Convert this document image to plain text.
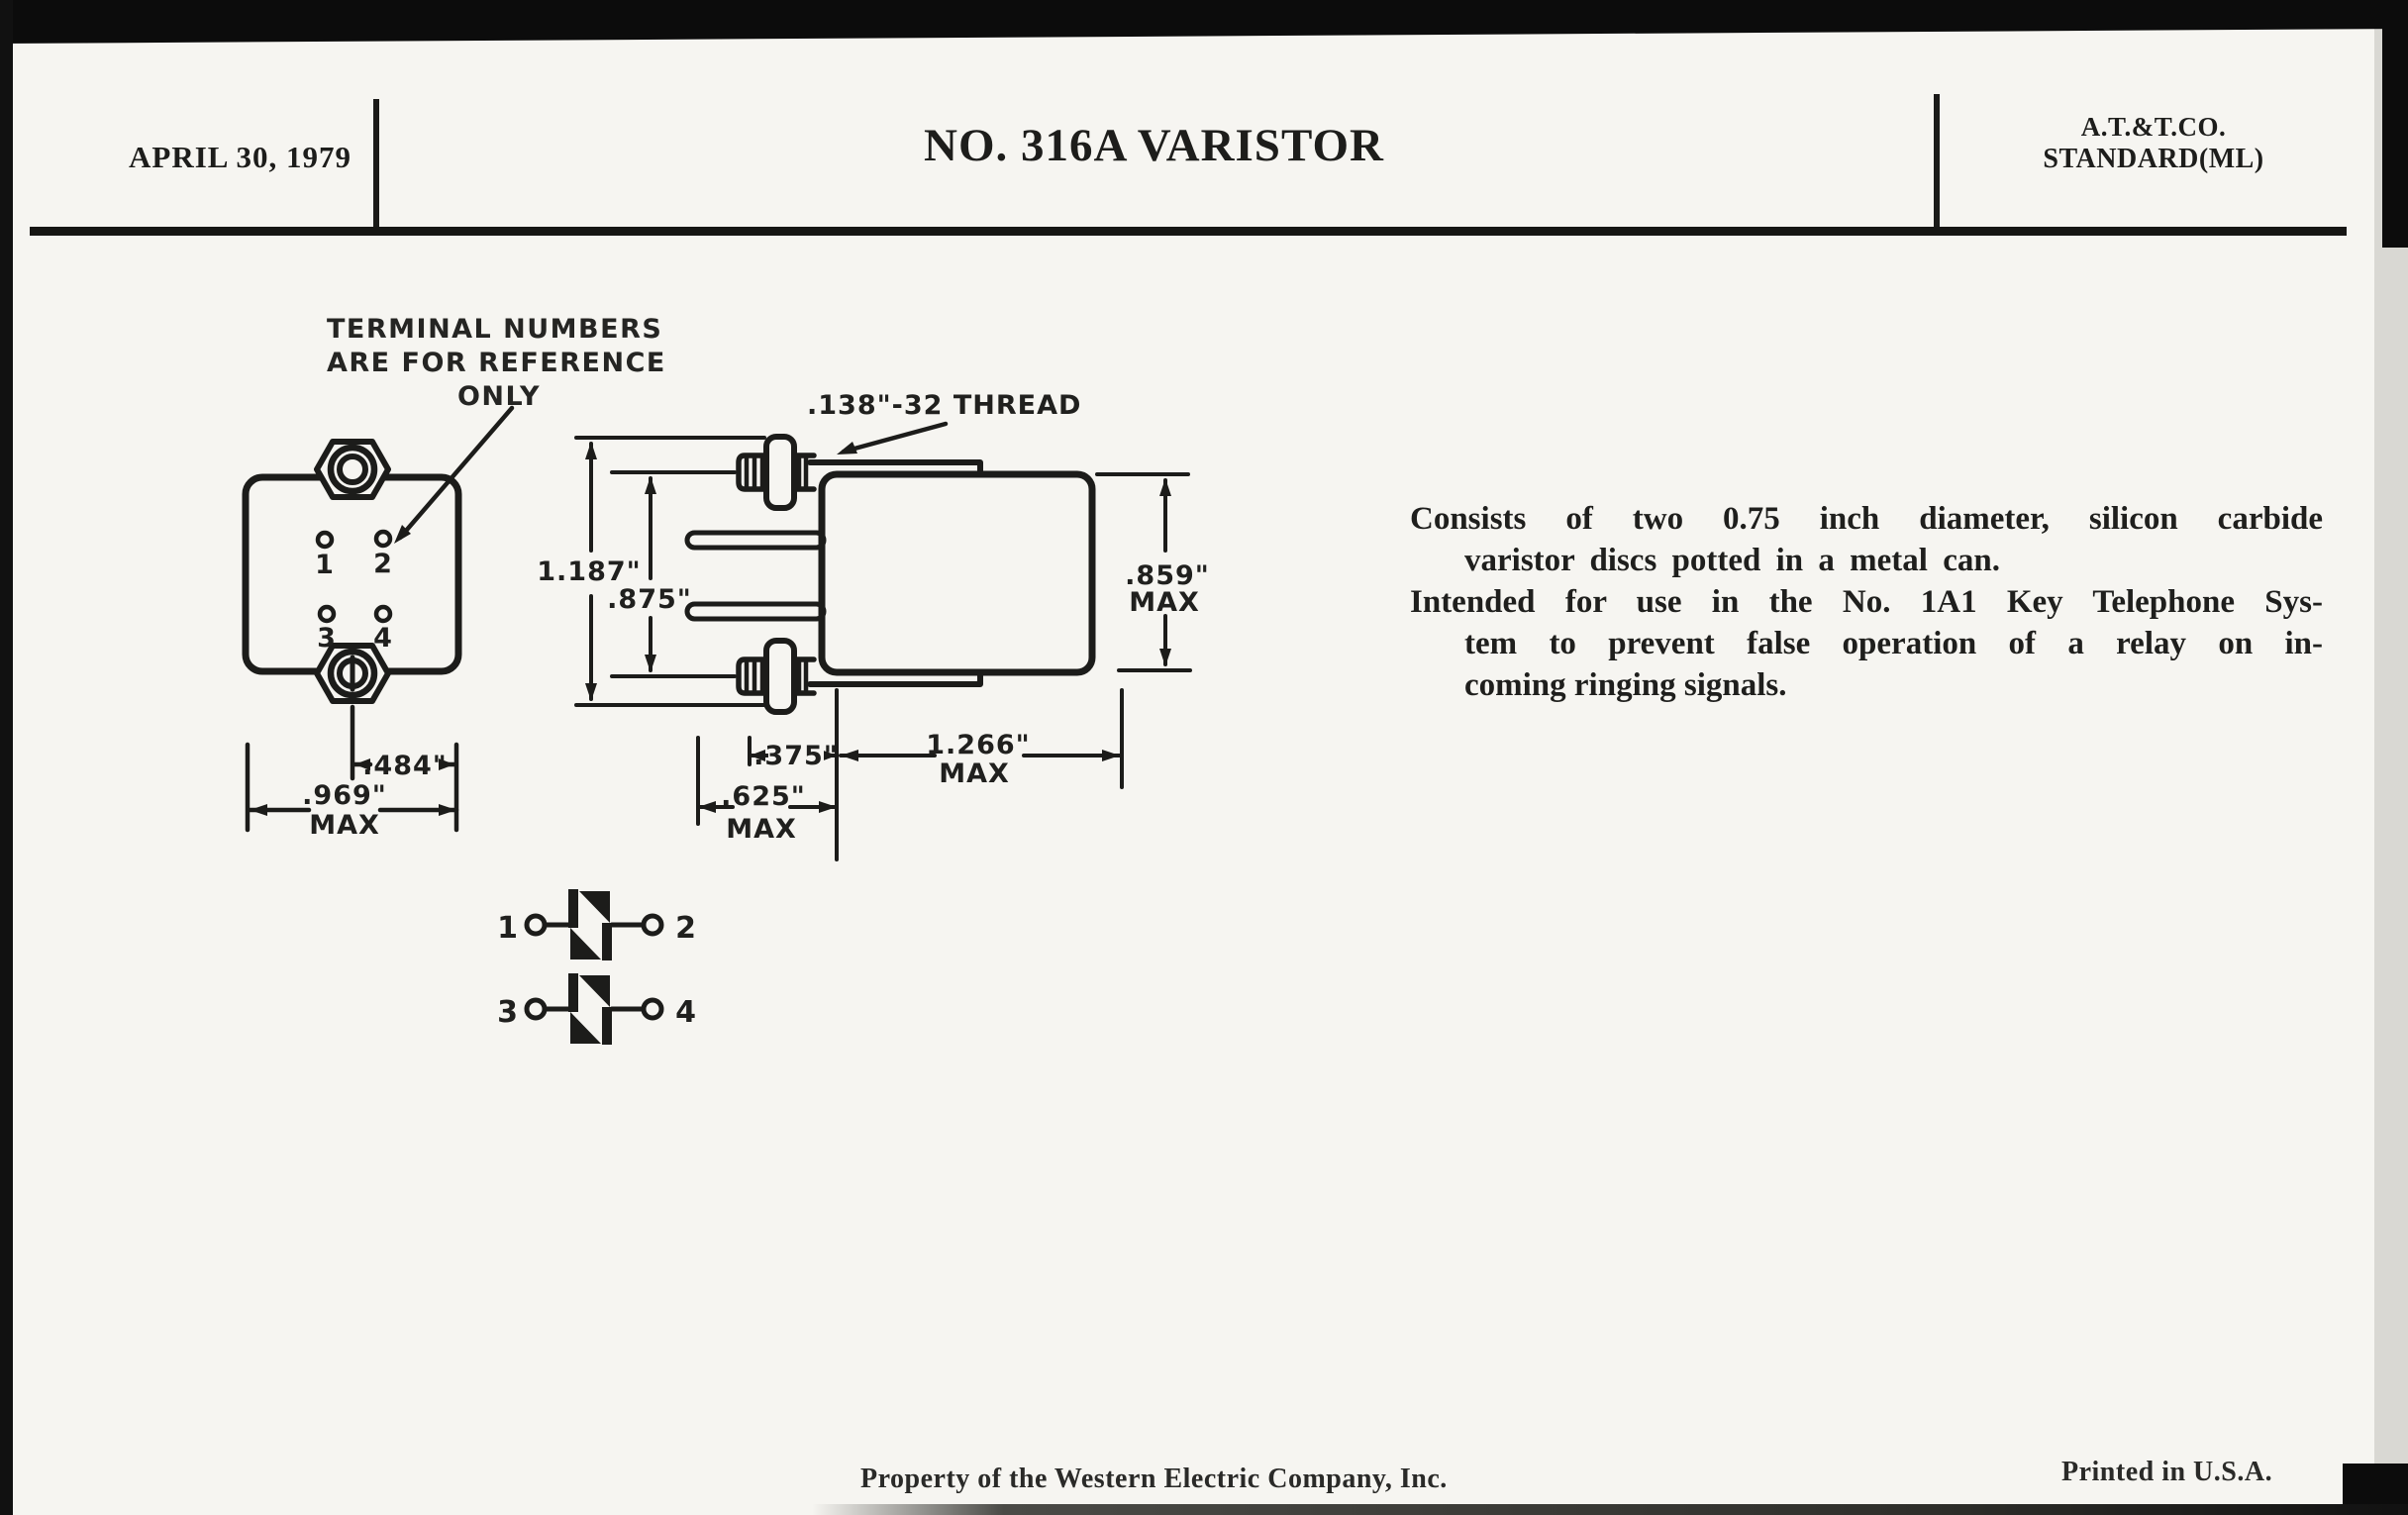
APRIL 30, 1979	NO. 316A VARISTOR	A.T.&T.CO.
STANDARD(ML)
TERMINAL NUMBERS
ARE FOR REFERENCE
ONLY
1 2
3 4
.484"
.969"
MAX
.138"-32 THREAD
1.187"
.875"
.859"
MAX
.375"
.625"
MAX
1.266"
MAX
1	2
3	4
Consists of two 0.75 inch diameter, silicon carbide
varistor discs potted in a metal can.
Intended for use in the No. 1A1 Key Telephone Sys-
tem to prevent false operation of a relay on in-
coming ringing signals.
Property of the Western Electric Company, Inc.	Printed in U.S.A.
